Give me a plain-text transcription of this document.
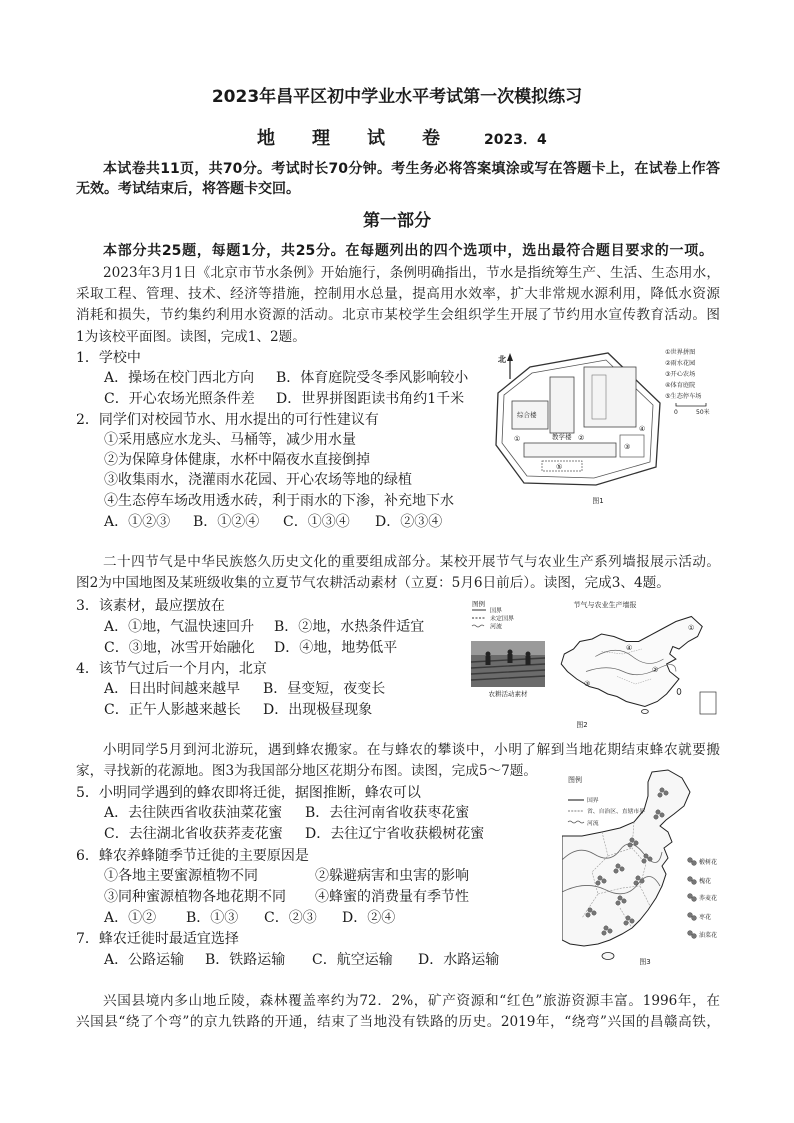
2023年昌平区初中学业水平考试第一次模拟练习
地理试卷 2023．4
本试卷共11页，共70分。考试时长70分钟。考生务必将答案填涂或写在答题卡上，在试卷上作答
无效。考试结束后，将答题卡交回。
第一部分
本部分共25题，每题1分，共25分。在每题列出的四个选项中，选出最符合题目要求的一项。
2023年3月1日《北京市节水条例》开始施行，条例明确指出，节水是指统筹生产、生活、生态用水，
采取工程、管理、技术、经济等措施，控制用水总量，提高用水效率，扩大非常规水源利用，降低水资源
消耗和损失，节约集约利用水资源的活动。北京市某校学生会组织学生开展了节约用水宣传教育活动。图
1为该校平面图。读图，完成1、2题。
1．学校中
A．操场在校门西北方向 B．体育庭院受冬季风影响较小
C．开心农场光照条件差 D．世界拼图距读书角约1千米
2．同学们对校园节水、用水提出的可行性建议有
①采用感应水龙头、马桶等，减少用水量
②为保障身体健康，水杯中隔夜水直接倒掉
③收集雨水，浇灌雨水花园、开心农场等地的绿植
④生态停车场改用透水砖，利于雨水的下渗，补充地下水
A．①②③ B．①②④ C．①③④ D．②③④
北
综合楼
教学楼
①	②
③
④
⑤
①世界拼图
②雨水花园
③开心农场
④体育庭院
⑤生态停车场
0	50米
图1
二十四节气是中华民族悠久历史文化的重要组成部分。某校开展节气与农业生产系列墙报展示活动。
图2为中国地图及某班级收集的立夏节气农耕活动素材（立夏：5月6日前后）。读图，完成3、4题。
3．该素材，最应摆放在
A．①地，气温快速回升 B．②地，水热条件适宜
C．③地，冰雪开始融化 D．④地，地势低平
4．该节气过后一个月内，北京
A．日出时间越来越早 B．昼变短，夜变长
C．正午人影越来越长 D．出现极昼现象
图例
国界
未定国界
河流
农耕活动素材
节气与农业生产墙报
①
②
③
④
图2
小明同学5月到河北游玩，遇到蜂农搬家。在与蜂农的攀谈中，小明了解到当地花期结束蜂农就要搬
家，寻找新的花源地。图3为我国部分地区花期分布图。读图，完成5～7题。
5．小明同学遇到的蜂农即将迁徙，据图推断，蜂农可以
A．去往陕西省收获油菜花蜜 B．去往河南省收获枣花蜜
C．去往湖北省收获荞麦花蜜 D．去往辽宁省收获椴树花蜜
6．蜂农养蜂随季节迁徙的主要原因是
①各地主要蜜源植物不同	②躲避病害和虫害的影响
③同种蜜源植物各地花期不同 ④蜂蜜的消费量有季节性
A．①② B．①③ C．②③ D．②④
7．蜂农迁徙时最适宜选择
A．公路运输 B．铁路运输 C．航空运输 D．水路运输
图例
国界
省、自治区、直辖市界
河流
椴树花
槐花
荞麦花
枣花
油菜花
图3
兴国县境内多山地丘陵，森林覆盖率约为72．2%，矿产资源和“红色”旅游资源丰富。1996年，在
兴国县“绕了个弯”的京九铁路的开通，结束了当地没有铁路的历史。2019年，“绕弯”兴国的昌赣高铁，
